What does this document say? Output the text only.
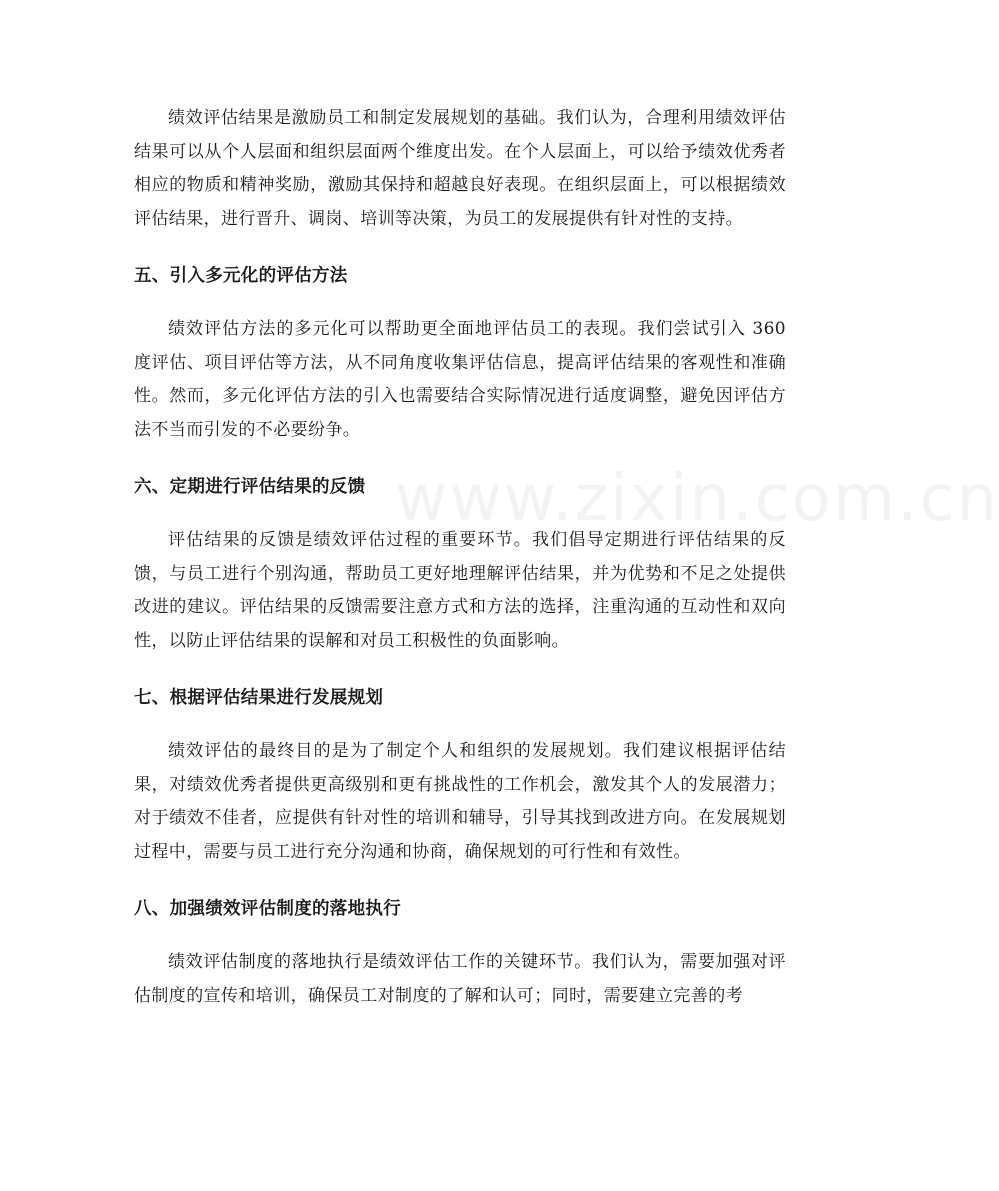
www.zixin.com.cn

绩效评估结果是激励员工和制定发展规划的基础。我们认为，合理利用绩效评估结果可以从个人层面和组织层面两个维度出发。在个人层面上，可以给予绩效优秀者相应的物质和精神奖励，激励其保持和超越良好表现。在组织层面上，可以根据绩效评估结果，进行晋升、调岗、培训等决策，为员工的发展提供有针对性的支持。

五、引入多元化的评估方法

绩效评估方法的多元化可以帮助更全面地评估员工的表现。我们尝试引入 360 度评估、项目评估等方法，从不同角度收集评估信息，提高评估结果的客观性和准确性。然而，多元化评估方法的引入也需要结合实际情况进行适度调整，避免因评估方法不当而引发的不必要纷争。

六、定期进行评估结果的反馈

评估结果的反馈是绩效评估过程的重要环节。我们倡导定期进行评估结果的反馈，与员工进行个别沟通，帮助员工更好地理解评估结果，并为优势和不足之处提供改进的建议。评估结果的反馈需要注意方式和方法的选择，注重沟通的互动性和双向性，以防止评估结果的误解和对员工积极性的负面影响。

七、根据评估结果进行发展规划

绩效评估的最终目的是为了制定个人和组织的发展规划。我们建议根据评估结果，对绩效优秀者提供更高级别和更有挑战性的工作机会，激发其个人的发展潜力；对于绩效不佳者，应提供有针对性的培训和辅导，引导其找到改进方向。在发展规划过程中，需要与员工进行充分沟通和协商，确保规划的可行性和有效性。

八、加强绩效评估制度的落地执行

绩效评估制度的落地执行是绩效评估工作的关键环节。我们认为，需要加强对评估制度的宣传和培训，确保员工对制度的了解和认可；同时，需要建立完善的考
